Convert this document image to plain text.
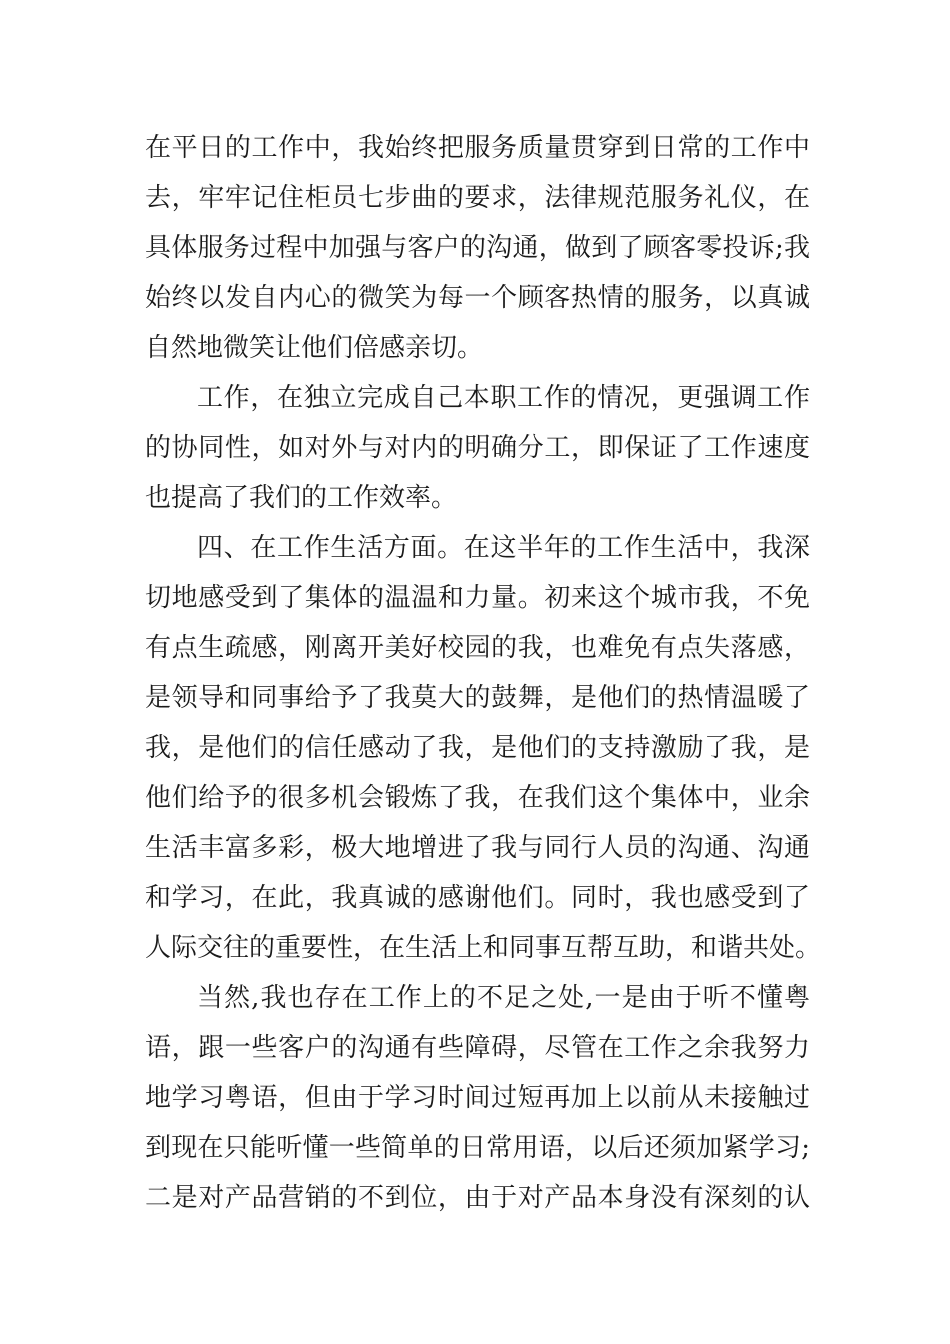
在平日的工作中，我始终把服务质量贯穿到日常的工作中
去，牢牢记住柜员七步曲的要求，法律规范服务礼仪，在
具体服务过程中加强与客户的沟通，做到了顾客零投诉;我
始终以发自内心的微笑为每一个顾客热情的服务，以真诚
自然地微笑让他们倍感亲切。
工作，在独立完成自己本职工作的情况，更强调工作
的协同性，如对外与对内的明确分工，即保证了工作速度
也提高了我们的工作效率。
四、在工作生活方面。在这半年的工作生活中，我深
切地感受到了集体的温温和力量。初来这个城市我，不免
有点生疏感，刚离开美好校园的我，也难免有点失落感，
是领导和同事给予了我莫大的鼓舞，是他们的热情温暖了
我，是他们的信任感动了我，是他们的支持激励了我，是
他们给予的很多机会锻炼了我，在我们这个集体中，业余
生活丰富多彩，极大地增进了我与同行人员的沟通、沟通
和学习，在此，我真诚的感谢他们。同时，我也感受到了
人际交往的重要性，在生活上和同事互帮互助，和谐共处。
当然,我也存在工作上的不足之处,一是由于听不懂粤
语，跟一些客户的沟通有些障碍，尽管在工作之余我努力
地学习粤语，但由于学习时间过短再加上以前从未接触过
到现在只能听懂一些简单的日常用语，以后还须加紧学习;
二是对产品营销的不到位，由于对产品本身没有深刻的认
